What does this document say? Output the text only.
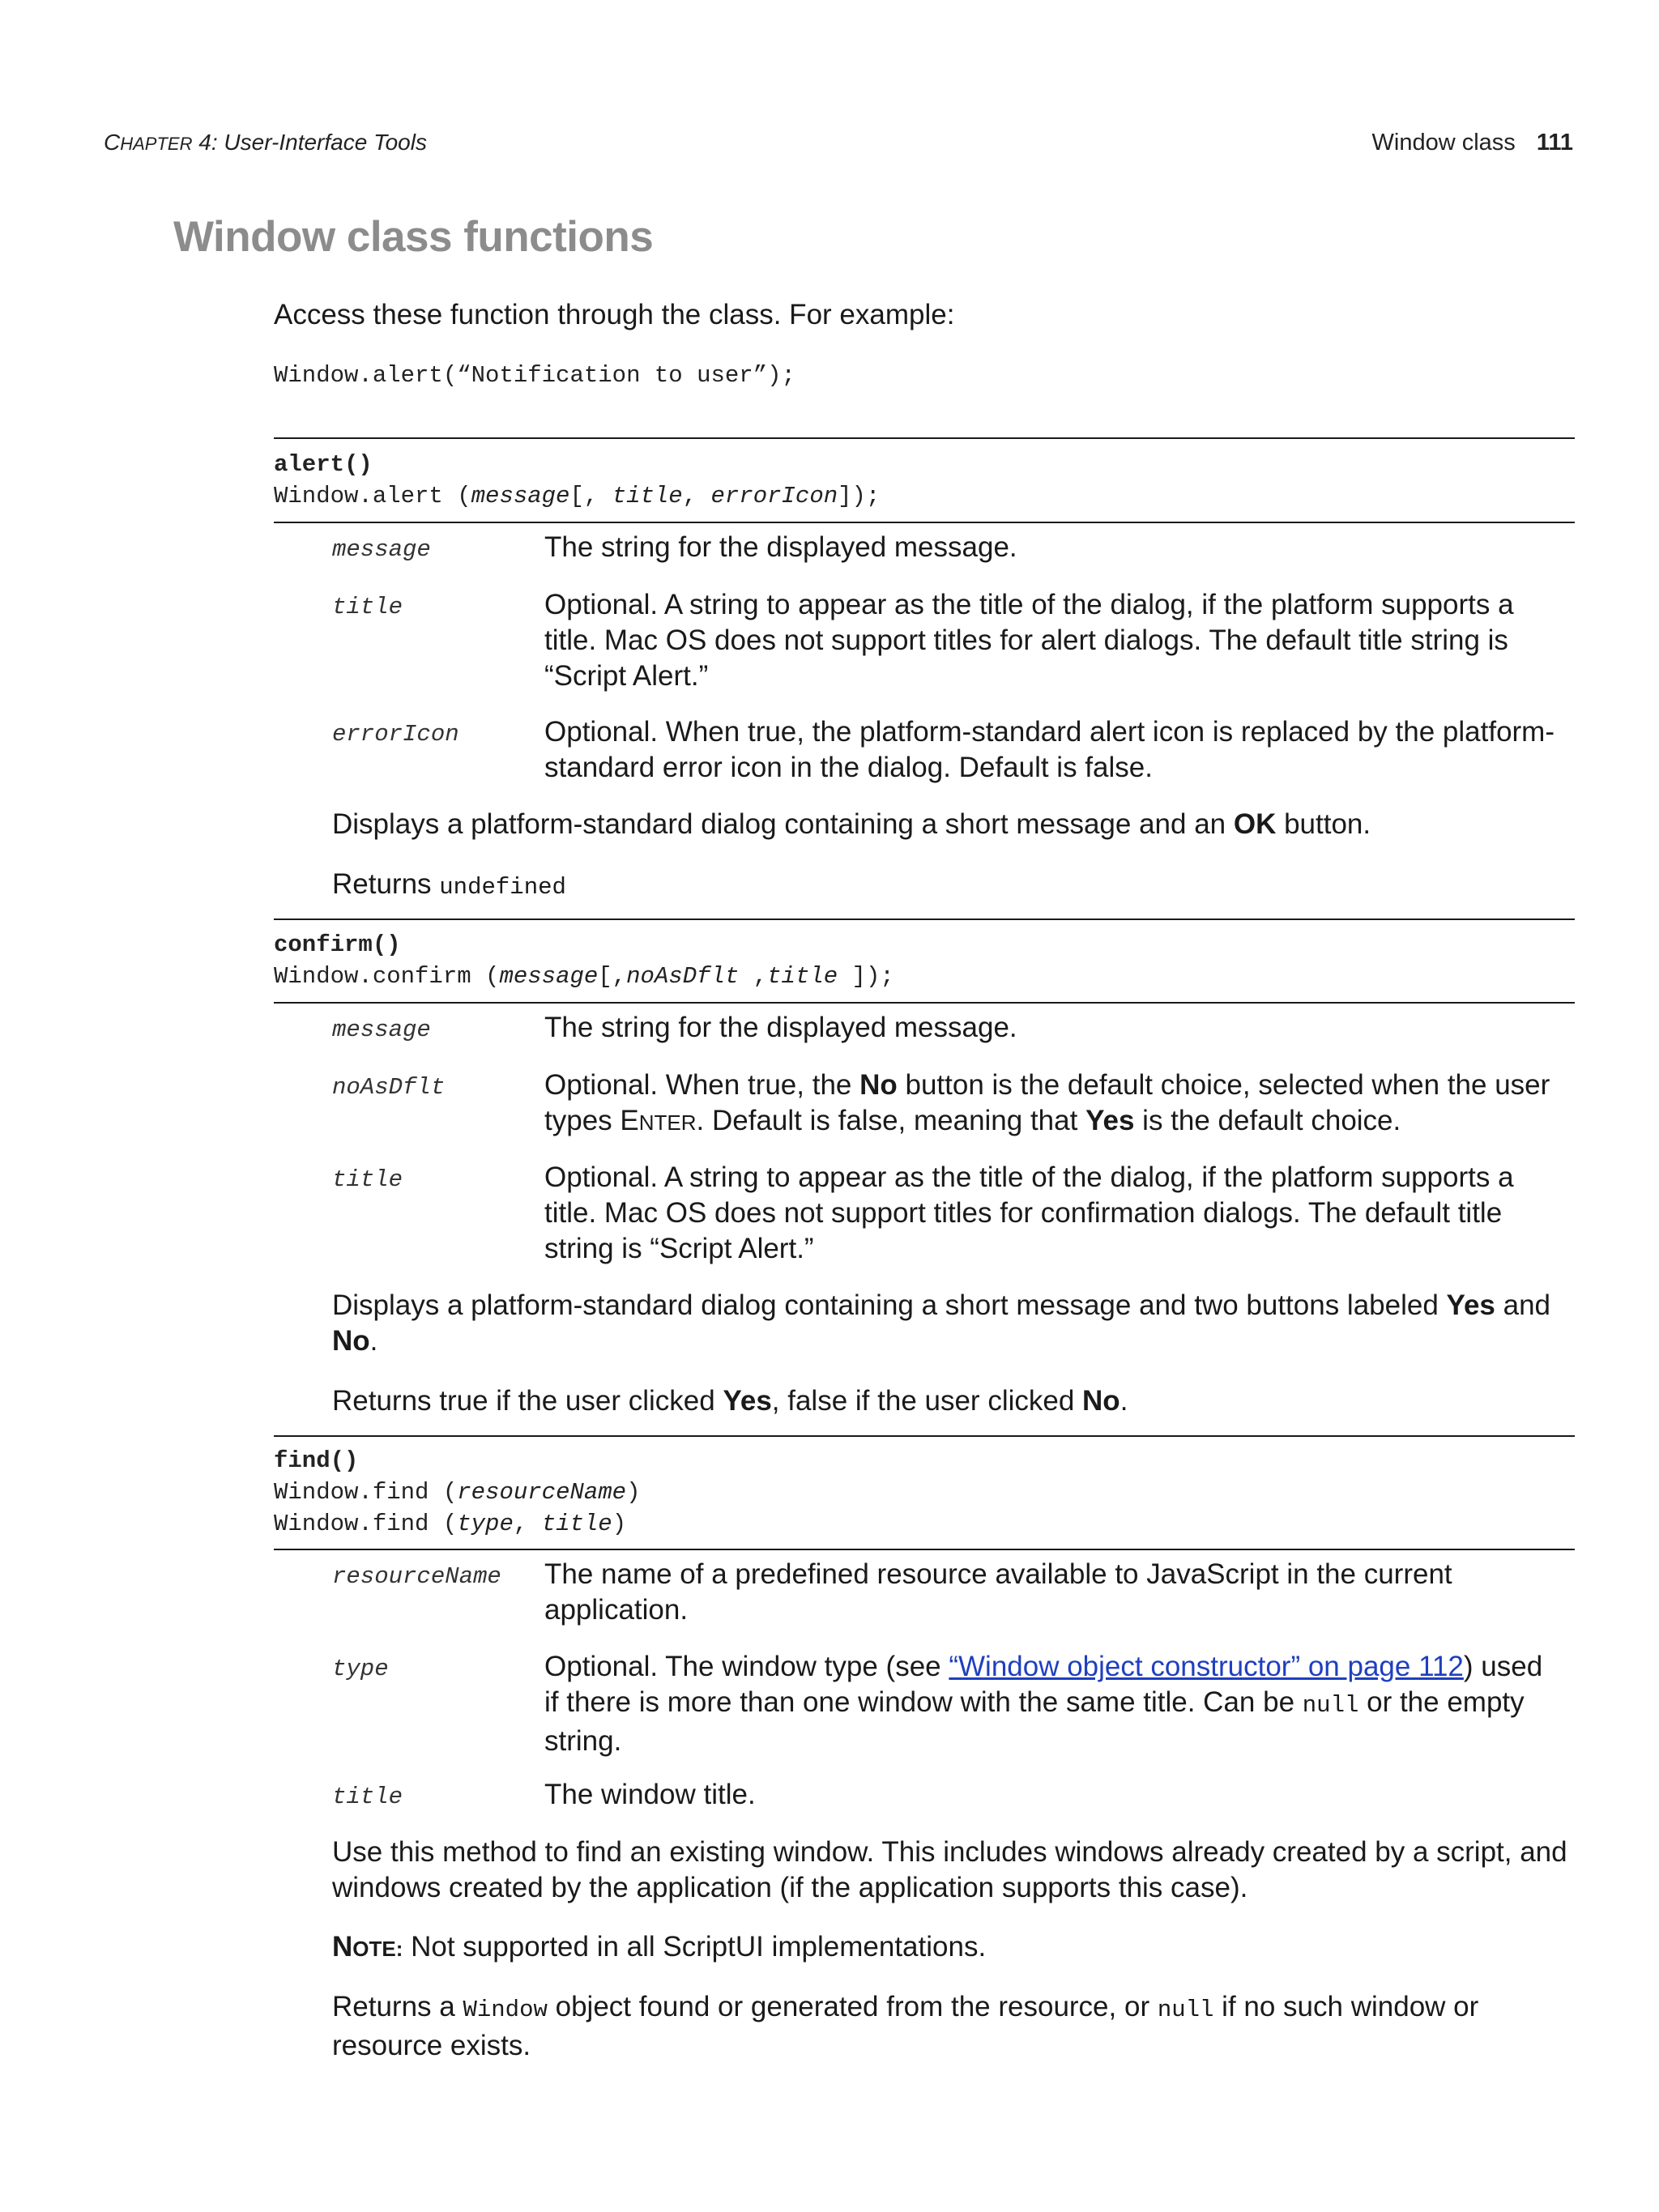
CHAPTER 4: User-Interface Tools	Window class 111
Window class functions
Access these function through the class. For example:
Window.alert(“Notification to user”);
alert()
Window.alert (message[, title, errorIcon]);
message	The string for the displayed message.
title	Optional. A string to appear as the title of the dialog, if the platform supports a title. Mac OS does not support titles for alert dialogs. The default title string is “Script Alert.”
errorIcon	Optional. When true, the platform-standard alert icon is replaced by the platform-standard error icon in the dialog. Default is false.
Displays a platform-standard dialog containing a short message and an OK button.
Returns undefined
confirm()
Window.confirm (message[,noAsDflt ,title ]);
message	The string for the displayed message.
noAsDflt	Optional. When true, the No button is the default choice, selected when the user types ENTER. Default is false, meaning that Yes is the default choice.
title	Optional. A string to appear as the title of the dialog, if the platform supports a title. Mac OS does not support titles for confirmation dialogs. The default title string is “Script Alert.”
Displays a platform-standard dialog containing a short message and two buttons labeled Yes and No.
Returns true if the user clicked Yes, false if the user clicked No.
find()
Window.find (resourceName)
Window.find (type, title)
resourceName The name of a predefined resource available to JavaScript in the current application.
type	Optional. The window type (see “Window object constructor” on page 112) used if there is more than one window with the same title. Can be null or the empty string.
title	The window title.
Use this method to find an existing window. This includes windows already created by a script, and windows created by the application (if the application supports this case).
NOTE: Not supported in all ScriptUI implementations.
Returns a Window object found or generated from the resource, or null if no such window or resource exists.
